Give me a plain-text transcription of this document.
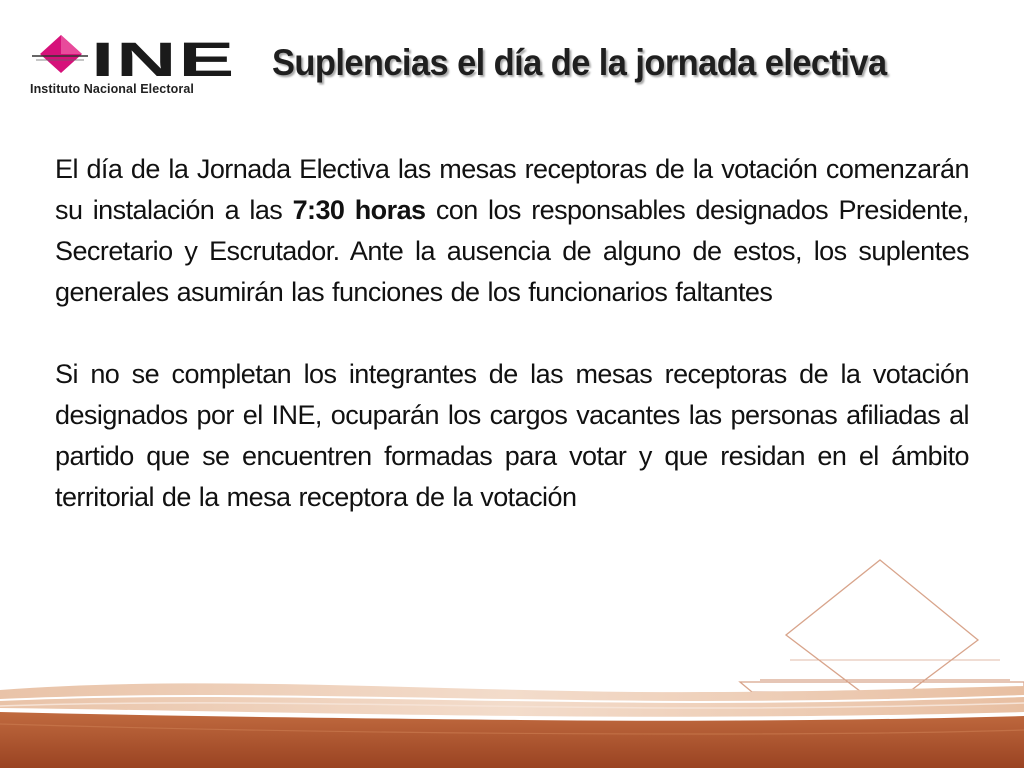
INE
Instituto Nacional Electoral
Suplencias el día de la jornada electiva

El día de la Jornada Electiva las mesas receptoras de la votación comenzarán su instalación a las 7:30 horas con los responsables designados Presidente, Secretario y Escrutador. Ante la ausencia de alguno de estos, los suplentes generales asumirán las funciones de los funcionarios faltantes

Si no se completan los integrantes de las mesas receptoras de la votación designados por el INE, ocuparán los cargos vacantes las personas afiliadas al partido que se encuentren formadas para votar y que residan en el ámbito territorial de la mesa receptora de la votación
